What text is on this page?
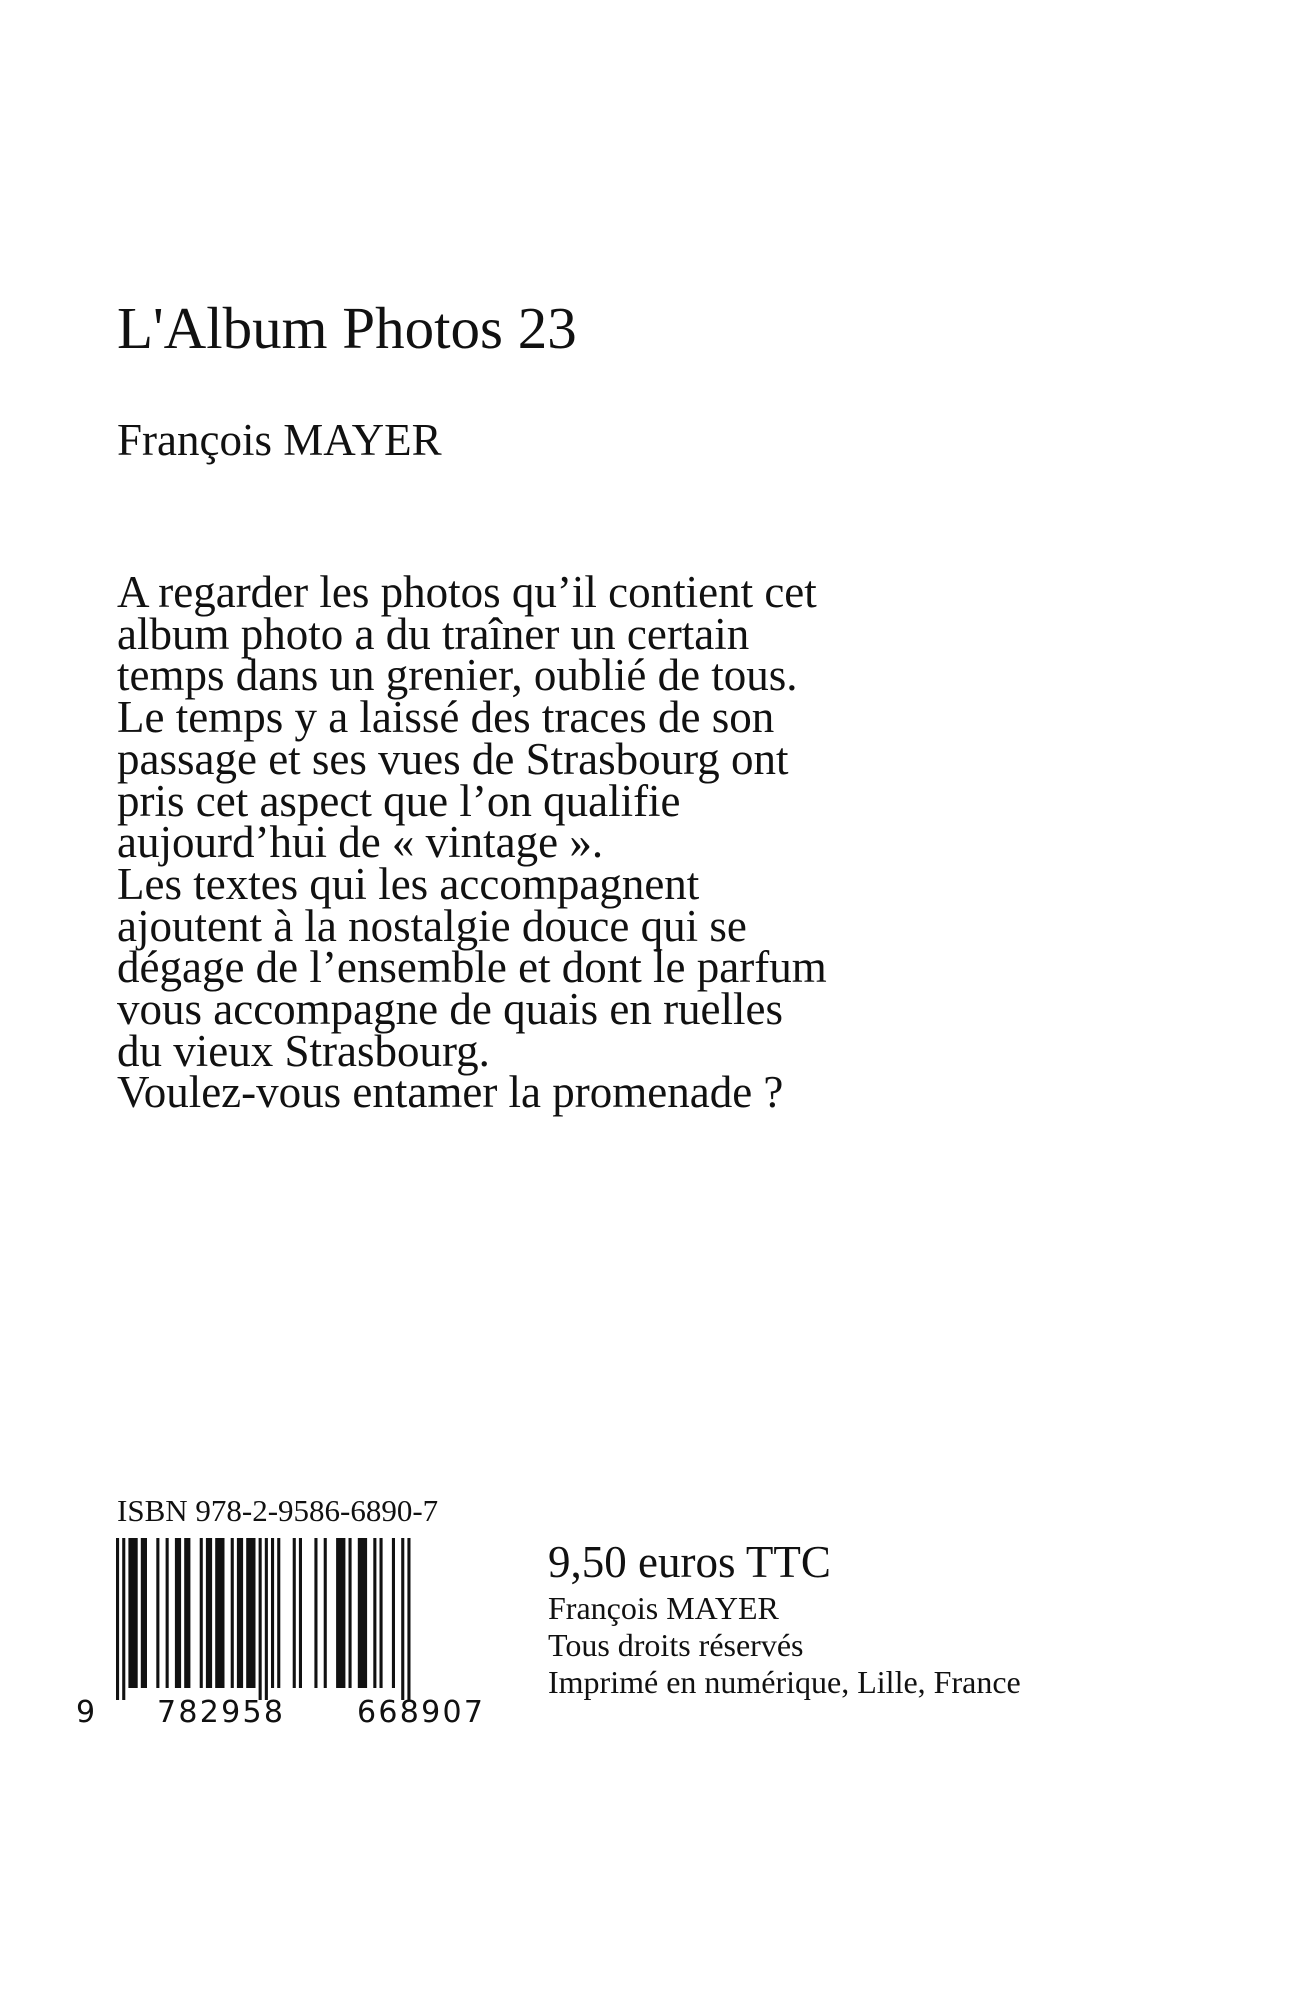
L'Album Photos 23
François MAYER
A regarder les photos qu’il contient cet
album photo a du traîner un certain
temps dans un grenier, oublié de tous.
Le temps y a laissé des traces de son
passage et ses vues de Strasbourg ont
pris cet aspect que l’on qualifie
aujourd’hui de « vintage ».
Les textes qui les accompagnent
ajoutent à la nostalgie douce qui se
dégage de l’ensemble et dont le parfum
vous accompagne de quais en ruelles
du vieux Strasbourg.
Voulez-vous entamer la promenade ?
ISBN 978-2-9586-6890-7
9 782958 668907
9,50 euros TTC
François MAYER
Tous droits réservés
Imprimé en numérique, Lille, France
